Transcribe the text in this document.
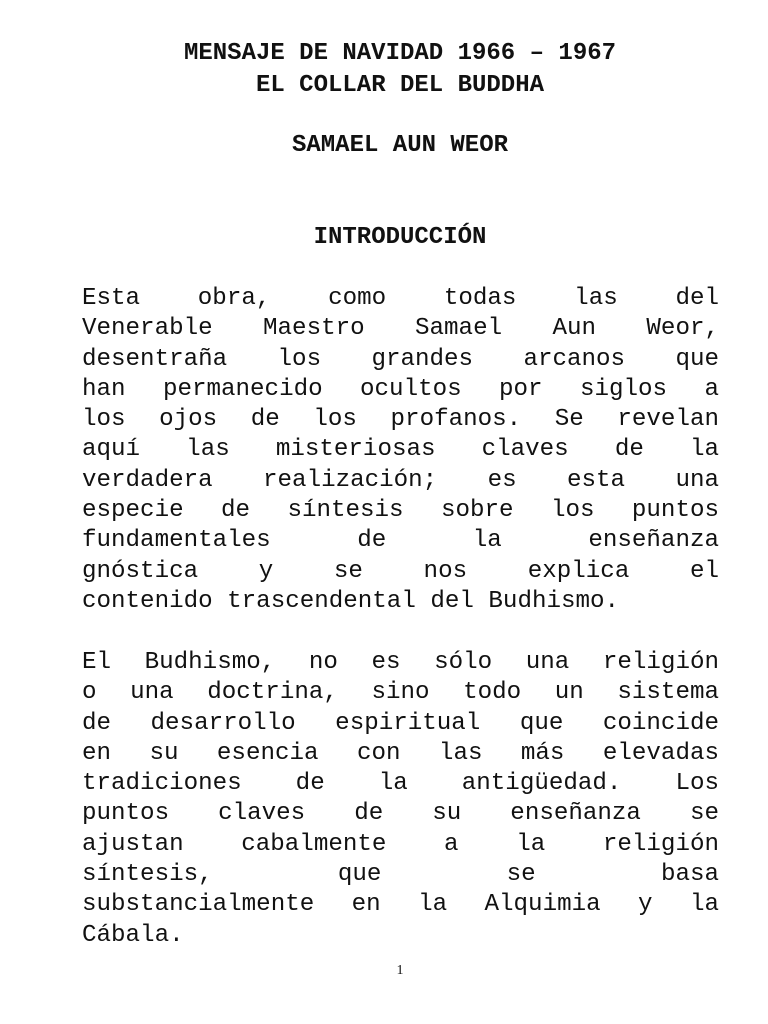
MENSAJE DE NAVIDAD 1966 – 1967
EL COLLAR DEL BUDDHA
SAMAEL AUN WEOR
INTRODUCCIÓN
Esta obra, como todas las del
Venerable Maestro Samael Aun Weor,
desentraña los grandes arcanos que
han permanecido ocultos por siglos a
los ojos de los profanos. Se revelan
aquí las misteriosas claves de la
verdadera realización; es esta una
especie de síntesis sobre los puntos
fundamentales de la enseñanza
gnóstica y se nos explica el
contenido trascendental del Budhismo.
El Budhismo, no es sólo una religión
o una doctrina, sino todo un sistema
de desarrollo espiritual que coincide
en su esencia con las más elevadas
tradiciones de la antigüedad. Los
puntos claves de su enseñanza se
ajustan cabalmente a la religión
síntesis, que se basa
substancialmente en la Alquimia y la
Cábala.
1
